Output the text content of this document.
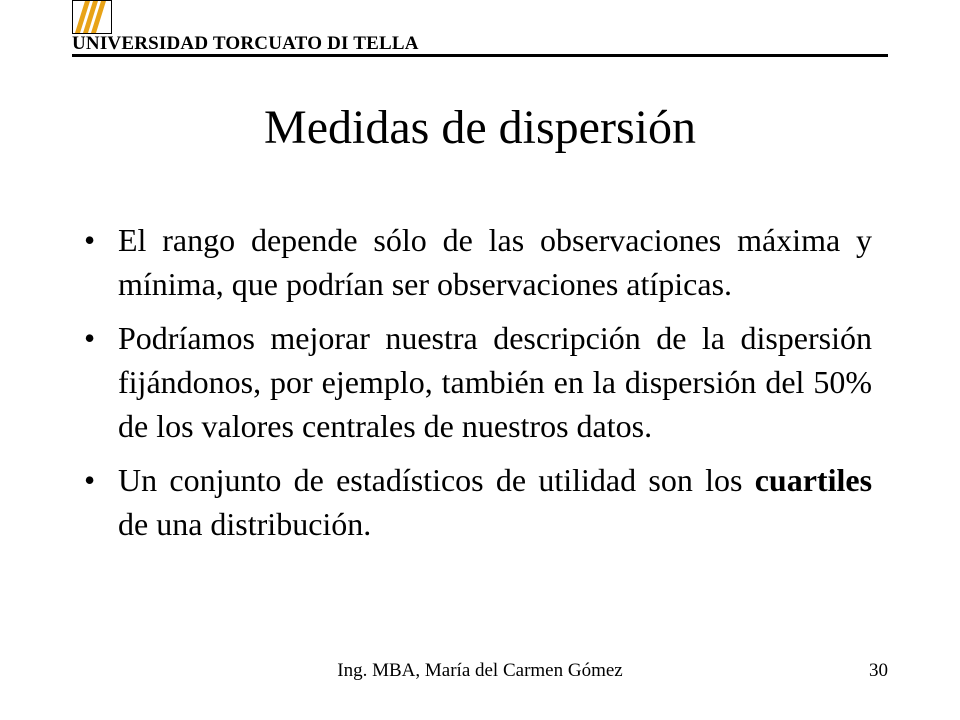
UNIVERSIDAD TORCUATO DI TELLA
Medidas de dispersión
• El rango depende sólo de las observaciones máxima y mínima, que podrían ser observaciones atípicas.
• Podríamos mejorar nuestra descripción de la dispersión fijándonos, por ejemplo, también en la dispersión del 50% de los valores centrales de nuestros datos.
• Un conjunto de estadísticos de utilidad son los cuartiles de una distribución.
Ing. MBA, María del Carmen Gómez	30
